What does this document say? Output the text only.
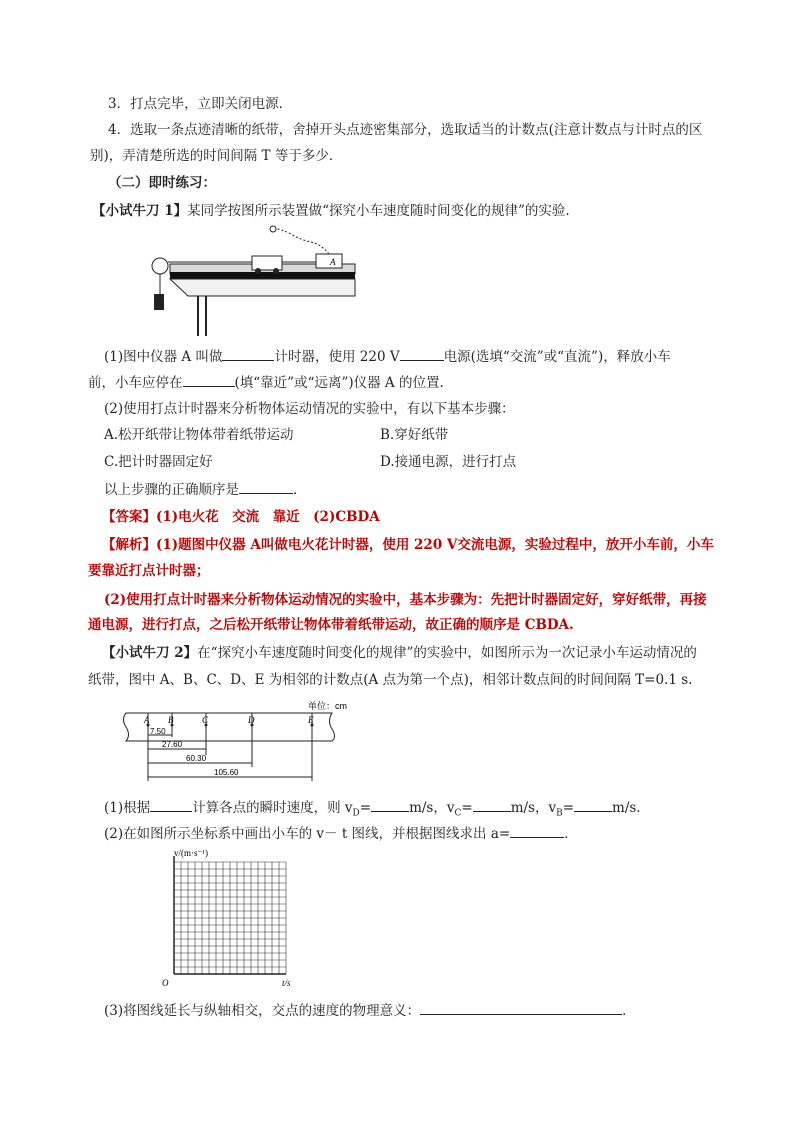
3．打点完毕，立即关闭电源．
4．选取一条点迹清晰的纸带，舍掉开头点迹密集部分，选取适当的计数点(注意计数点与计时点的区
别)，弄清楚所选的时间间隔 T 等于多少．
（二）即时练习：
【小试牛刀 1】某同学按图所示装置做“探究小车速度随时间变化的规律”的实验.
A
(1)图中仪器 A 叫做	计时器，使用 220 V	电源(选填“交流”或“直流”)，释放小车
前，小车应停在	(填“靠近”或“远离”)仪器 A 的位置.
(2)使用打点计时器来分析物体运动情况的实验中，有以下基本步骤：
A.松开纸带让物体带着纸带运动	B.穿好纸带
C.把计时器固定好	D.接通电源，进行打点
以上步骤的正确顺序是	．
【答案】(1)电火花　交流　靠近　(2)CBDA
【解析】(1)题图中仪器 A叫做电火花计时器，使用 220 V交流电源，实验过程中，放开小车前，小车
要靠近打点计时器；
(2)使用打点计时器来分析物体运动情况的实验中，基本步骤为：先把计时器固定好，穿好纸带，再接
通电源，进行打点，之后松开纸带让物体带着纸带运动，故正确的顺序是 CBDA.
【小试牛刀 2】在“探究小车速度随时间变化的规律”的实验中，如图所示为一次记录小车运动情况的
纸带，图中 A、B、C、D、E 为相邻的计数点(A 点为第一个点)，相邻计数点间的时间间隔 T=0.1 s.
单位：cm
A B	C	D	E
7.50
27.60
60.30
105.60
(1)根据	计算各点的瞬时速度，则 $v_D=$	m/s，$v_C=$	m/s，$v_B=$	m/s.
(2)在如图所示坐标系中画出小车的 v－ t 图线，并根据图线求出 a=	．
v/(m·s⁻¹)
t/s
O
(3)将图线延长与纵轴相交，交点的速度的物理意义：	．
